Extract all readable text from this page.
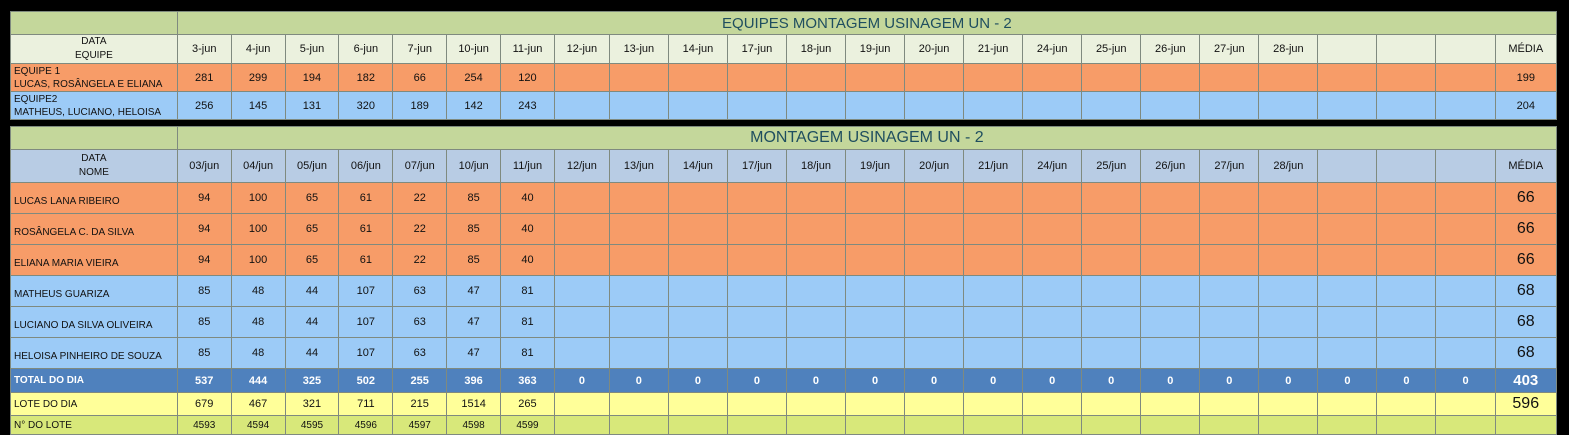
	EQUIPES MONTAGEM USINAGEM UN - 2																							

DATA
EQUIPE	3-jun	4-jun	5-jun	6-jun	7-jun	10-jun	11-jun	12-jun	13-jun	14-jun	17-jun	18-jun	19-jun	20-jun	21-jun	24-jun	25-jun	26-jun	27-jun	28-jun				MÉDIA

EQUIPE 1
LUCAS, ROSÂNGELA E ELIANA	281	299	194	182	66	254	120																	199

EQUIPE2
MATHEUS, LUCIANO, HELOISA	256	145	131	320	189	142	243																	204

	MONTAGEM USINAGEM UN - 2																							

DATA
NOME	03/jun	04/jun	05/jun	06/jun	07/jun	10/jun	11/jun	12/jun	13/jun	14/jun	17/jun	18/jun	19/jun	20/jun	21/jun	24/jun	25/jun	26/jun	27/jun	28/jun				MÉDIA
LUCAS LANA RIBEIRO	94	100	65	61	22	85	40																	66
ROSÂNGELA C. DA SILVA	94	100	65	61	22	85	40																	66
ELIANA MARIA VIEIRA	94	100	65	61	22	85	40																	66
MATHEUS GUARIZA	85	48	44	107	63	47	81																	68
LUCIANO DA SILVA OLIVEIRA	85	48	44	107	63	47	81																	68
HELOISA PINHEIRO DE SOUZA	85	48	44	107	63	47	81																	68
TOTAL DO DIA	537	444	325	502	255	396	363	0	0	0	0	0	0	0	0	0	0	0	0	0	0	0	0	403
LOTE DO DIA	679	467	321	711	215	1514	265																	596
N° DO LOTE	4593	4594	4595	4596	4597	4598	4599																	
